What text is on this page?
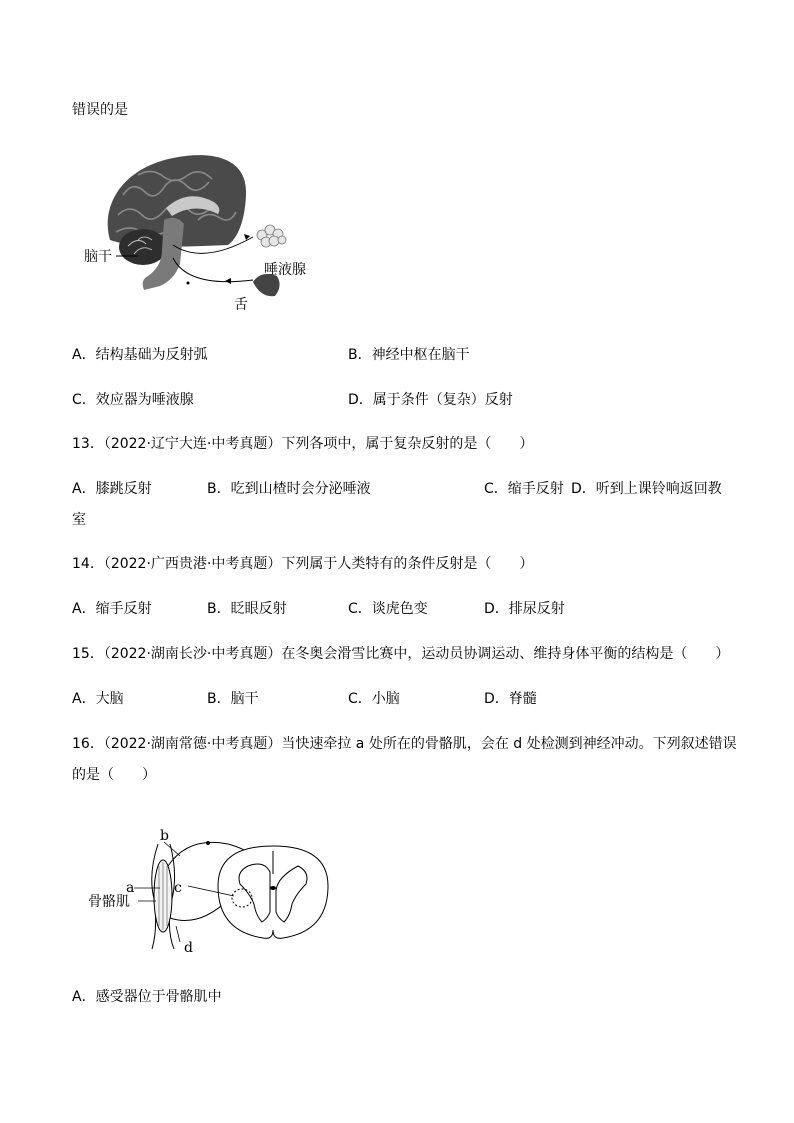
错误的是
脑干
唾液腺
舌
A．结构基础为反射弧	B．神经中枢在脑干
C．效应器为唾液腺	D．属于条件（复杂）反射
13．（2022·辽宁大连·中考真题）下列各项中，属于复杂反射的是（　　）
A．膝跳反射	B．吃到山楂时会分泌唾液	C．缩手反射 D．听到上课铃响返回教
室
14．（2022·广西贵港·中考真题）下列属于人类特有的条件反射是（　　）
A．缩手反射	B．眨眼反射	C．谈虎色变	D．排尿反射
15．（2022·湖南长沙·中考真题）在冬奥会滑雪比赛中，运动员协调运动、维持身体平衡的结构是（　　）
A．大脑	B．脑干	C．小脑	D．脊髓
16．（2022·湖南常德·中考真题）当快速牵拉 a 处所在的骨骼肌，会在 d 处检测到神经冲动。下列叙述错误
的是（　　）
b
a	c
骨骼肌
d
A．感受器位于骨骼肌中
